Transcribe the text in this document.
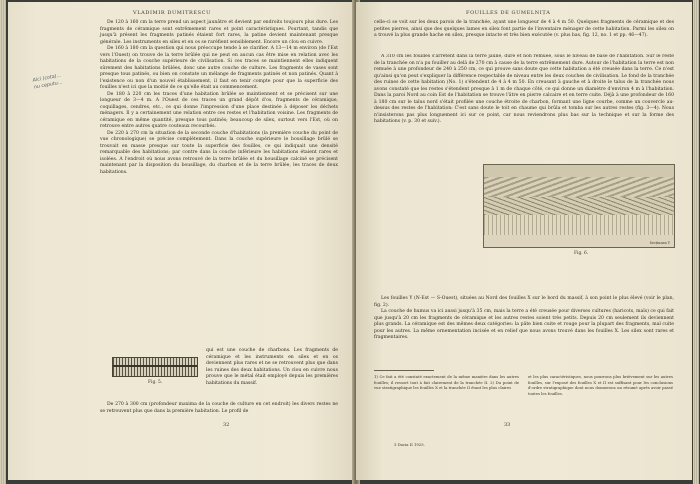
VLADIMIR DUMITRESCU
Aici (cota)… nu ceputu…

De 120 à 160 cm la terre prend un aspect jaunâtre et devient par endroits toujours plus dure. Les fragments de céramique sont extrêmement rares et point caractéristiques. Pourtant, tandis que jusqu'à présent les fragments patinés étaient fort rares, la patine devient maintenant presque générale. Les instruments en silex et en os se raréfient sensiblement. Encore un clou en cuivre.

De 160 à 180 cm la question qui nous préoccupe tende à se clarifier. A 13—14 m environ (de l'Est vers l'Ouest) on trouve de la terre brûlée qui ne peut en aucun cas être mise en relation avec les habitations de la couche supérieure de civilisation. Si ces traces se maintiennent elles indiquent sûrement des habitations brûlées, donc une autre couche de culture. Les fragments de vases sont presque tous patinés, ou bien on constate un mélange de fragments patinés et non patinés. Quant à l'existence ou non d'un nouvel établissement, il faut en tenir compte pour que la superficie des fouilles n'est ici que la moitié de ce qu'elle était au commencement.

De 180 à 220 cm les traces d'une habitation brûlée se maintiennent et se précisent sur une longueur de 3—4 m. A l'Ouest de ces traces un grand dépôt d'os, fragments de céramique, coquillages, cendres, etc., ce qui donne l'impression d'une place destinée à déposer les déchets ménagers. Il y a certainement une relation entre ces restes et l'habitation voisine. Les fragments de céramique en même quantité, presque tous patinés; beaucoup de silex, surtout vers l'Est, où on retrouve entre autres quatre couteaux recourbés.

De 220 à 270 cm la situation de la seconde couche d'habitations (la première couche du point de vue chronologique) se précise complètement. Dans la couche supérieure le bousillage brûlé se trouvait en masse presque sur toute la superficie des fouilles, ce qui indiquait une densité remarquable des habitations; par contre dans la couche inférieure les habitations étaient rares et isolées. A l'endroit où nous avons retrouvé de la terre brûlée et du bousillage calciné se précisent maintenant par la disposition du bousillage, du charbon et de la terre brûlée, les traces de deux habitations.

Fig. 5.

qui est une couche de charbons. Les fragments de céramique et les instruments en silex et en os deviennent plus rares et ne se retrouvent plus que dans les ruines des deux habitations. Un clou en cuivre nous prouve que le métal était employé depuis les premières habitations du massif.

De 270 à 300 cm (profondeur maxima de la couche de culture en cet endroit) les divers restes ne se retrouvent plus que dans la première habitation. Le profil de

32
FOUILLES DE GUMELNIȚA

celle-ci se voit sur les deux parois de la tranchée, ayant une longueur de 4 à 4 m 50. Quelques fragments de céramique et des petites pierres, ainsi que des quelques lames en silex font partie de l'inventaire ménager de cette habitation. Parmi les silex on a trouvé la plus grande hache en silex, presque intacte et très bien exécutée (v. plus bas, fig. 12, no. 1 et pp. 46—47).

A 310 cm les fouilles s'arrêtent dans la terre jaune, dure et non remuée, sous le niveau de base de l'habitation. Sur le reste de la tranchée on n'a pu fouiller au delà de 270 cm à cause de la terre extrêmement dure. Autour de l'habitation la terre est non remuée à une profondeur de 240 à 250 cm, ce qui prouve sans doute que cette habitation a été creusée dans la terre. Ce n'est qu'ainsi qu'on peut s'expliquer la différence respectable de niveau entre les deux couches de civilisation. Le fond de la tranchée des ruines de cette habitation (No. 1) s'étendent de 4 à 4 m 50. En creusant à gauche et à droite le talus de la tranchée nous avons constaté que les restes s'étendent presque à 1 m de chaque côté, ce qui donne un diamètre d'environ 4 m à l'habitation. Dans la paroi Nord au coin Est de l'habitation se trouve l'âtre en pierre calcaire et en terre cuite. Déjà à une profondeur de 160 à 180 cm sur le talus nord s'était profilée une couche étroite de charbon, formant une ligne courbe, comme un couvercle au-dessus des restes de l'habitation: C'est sans doute le toit en chaume qui brûla et tomba sur les autres restes (fig. 3—4). Nous n'insisterons pas plus longuement ici sur ce point, car nous reviendrons plus bas sur la technique et sur la forme des habitations (v. p. 30 et suiv.).

Secțiunea Y
Fig. 6.

Les fouilles Y (N-Est — S-Ouest), situées au Nord des fouilles X sur le bord du massif, à son point le plus élevé (voir le plan, fig. 2).

La couche de humus va ici aussi jusqu'à 35 cm, mais la terre a été creusée pour diverses cultures (haricots, maïs) ce qui fait que jusqu'à 20 cm les fragments de céramique et les autres restes soient très petits. Depuis 20 cm seulement ils deviennent plus grands. La céramique est des mêmes deux catégories: la pâte bien cuite et rouge pour la plupart des fragments, mal cuite pour les autres. La même ornementation incisée et en relief que nous avons trouvé dans les fouilles X. Les silex sont rares et fragmentaires.

1) Ce fait a été constaté exactement de la même manière dans les autres fouilles; il ressort tout à fait clairement de la tranchée II. 2) Du point de vue stratigraphique les fouilles X et la tranchée II étant les plus claires
et les plus caractéristiques, nous pourrons plus brièvement sur les autres fouilles, sur l'exposé des fouilles X et II est suffisant pour les conclusions d'ordre stratigraphique dont nous donnerons un résumé après avoir passé toutes les fouilles.
33
3 Dacia II 1925.
